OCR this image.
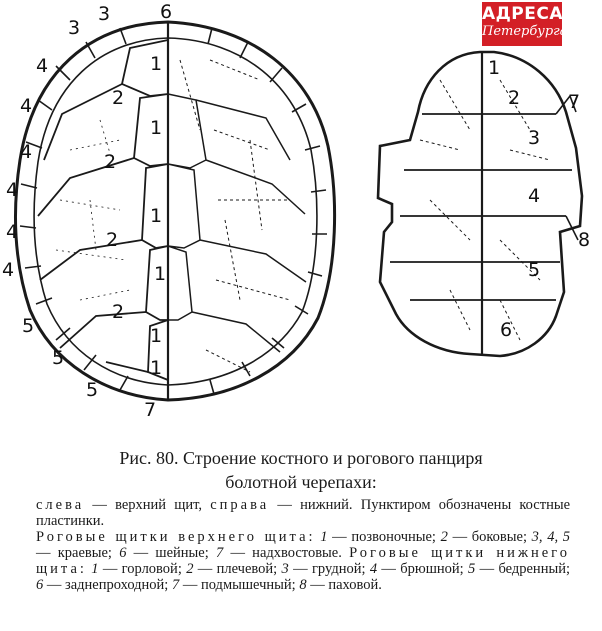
3
3	6
4
4
4
4
4
4
5
5
5
7
1
1
1
1
1
1
2
2
2
2
1
2
3
4
5
6
7
8
АДРЕСА
Петербурга
Рис. 80. Строение костного и рогового панциря
болотной черепахи:

слева — верхний щит, справа — нижний. Пунктиром обозначены костные пластинки.

Роговые щитки верхнего щита: 1 — позвоночные; 2 — боковые; 3, 4, 5 — краевые; 6 — шейные; 7 — надхвостовые. Роговые щитки нижнего щита: 1 — горловой; 2 — плечевой; 3 — грудной; 4 — брюшной; 5 — бедренный; 6 — заднепроходной; 7 — подмышечный; 8 — паховой.
